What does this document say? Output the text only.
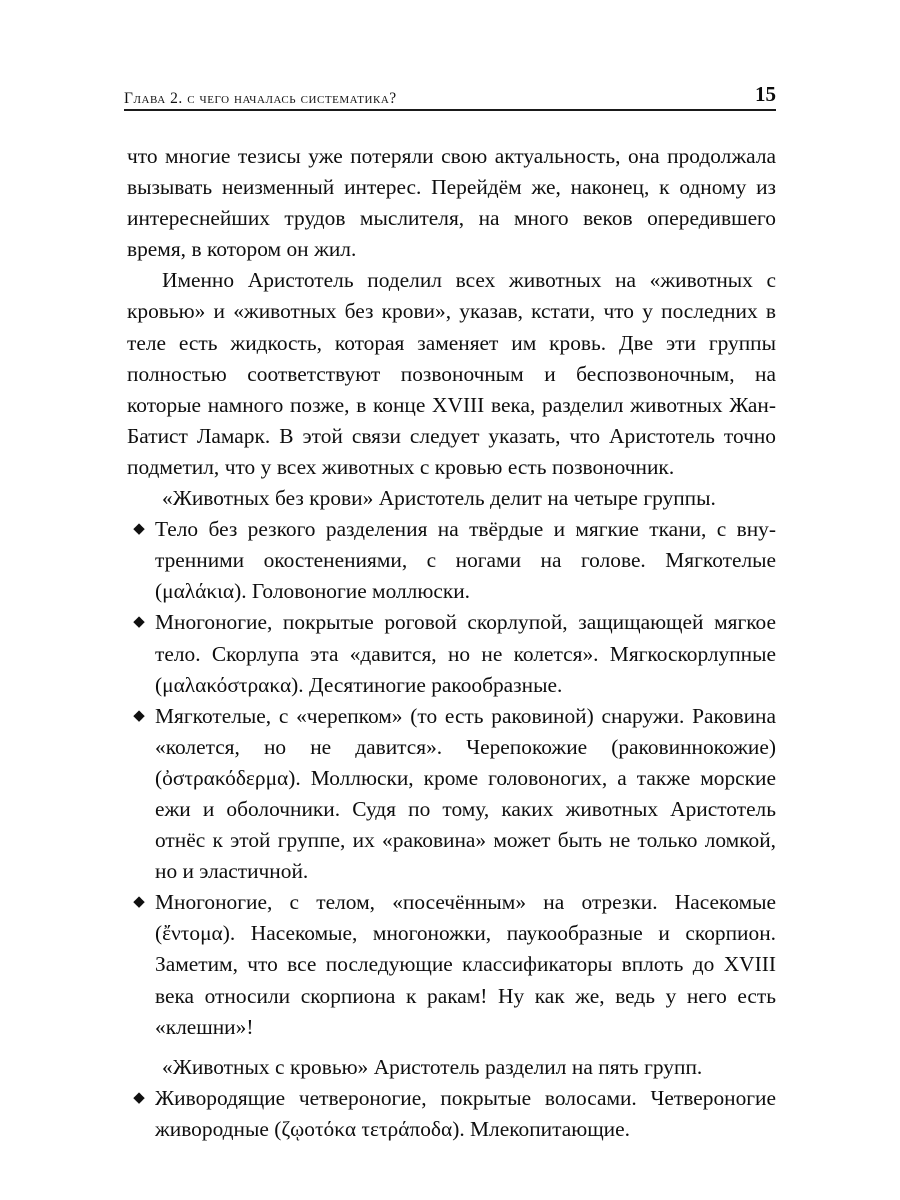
Глава 2. с чего началась систематика?	15

что многие тезисы уже потеряли свою актуальность, она продолжала вызывать неизменный интерес. Перейдём же, наконец, к одному из интереснейших трудов мыслителя, на много веков опередившего время, в котором он жил.

Именно Аристотель поделил всех животных на «животных с кровью» и «животных без крови», указав, кстати, что у последних в теле есть жидкость, которая заменяет им кровь. Две эти группы полностью соответствуют позвоночным и беспозвоночным, на которые намного позже, в конце XVIII века, разделил животных Жан-Батист Ламарк. В этой связи следует указать, что Аристотель точно подметил, что у всех животных с кровью есть позвоночник.

«Животных без крови» Аристотель делит на четыре группы.

◆ Тело без резкого разделения на твёрдые и мягкие ткани, с внутренними окостенениями, с ногами на голове. Мягкотелые (μαλάκια). Головоногие моллюски.
◆ Многоногие, покрытые роговой скорлупой, защищающей мягкое тело. Скорлупа эта «давится, но не колется». Мягкоскорлупные (μαλακόστρακα). Десятиногие ракообразные.
◆ Мягкотелые, с «черепком» (то есть раковиной) снаружи. Раковина «колется, но не давится». Черепокожие (раковиннокожие) (ὀστρακόδερμα). Моллюски, кроме головоногих, а также морские ежи и оболочники. Судя по тому, каких животных Аристотель отнёс к этой группе, их «раковина» может быть не только ломкой, но и эластичной.
◆ Многоногие, с телом, «посечённым» на отрезки. Насекомые (ἔντομα). Насекомые, многоножки, паукообразные и скорпион. Заметим, что все последующие классификаторы вплоть до XVIII века относили скорпиона к ракам! Ну как же, ведь у него есть «клешни»!

«Животных с кровью» Аристотель разделил на пять групп.

◆ Живородящие четвероногие, покрытые волосами. Четвероногие живородные (ζῳοτόκα τετράποδα). Млекопитающие.
